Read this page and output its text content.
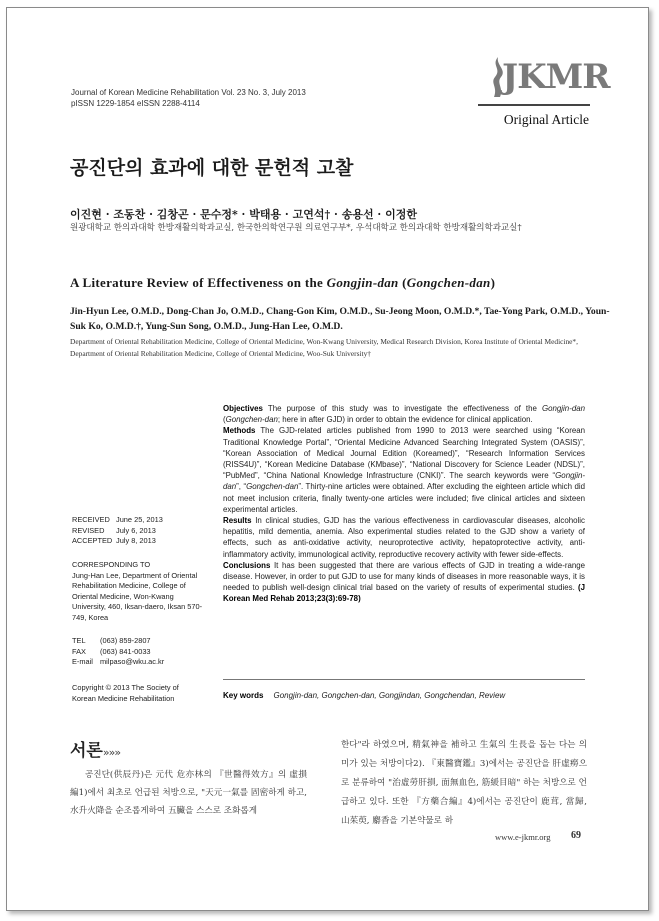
Journal of Korean Medicine Rehabilitation Vol. 23 No. 3, July 2013
pISSN 1229-1854 eISSN 2288-4114
JKMR
Original Article
공진단의 효과에 대한 문헌적 고찰
이진현 · 조동찬 · 김창곤 · 문수정* · 박태용 · 고연석† · 송용선 · 이정한
원광대학교 한의과대학 한방재활의학과교실, 한국한의학연구원 의료연구부*, 우석대학교 한의과대학 한방재활의학과교실†
A Literature Review of Effectiveness on the Gongjin-dan (Gongchen-dan)
Jin-Hyun Lee, O.M.D., Dong-Chan Jo, O.M.D., Chang-Gon Kim, O.M.D., Su-Jeong Moon, O.M.D.*, Tae-Yong Park, O.M.D., Youn-Suk Ko, O.M.D.†, Yung-Sun Song, O.M.D., Jung-Han Lee, O.M.D.
Department of Oriental Rehabilitation Medicine, College of Oriental Medicine, Won-Kwang University, Medical Research Division, Korea Institute of Oriental Medicine*, Department of Oriental Rehabilitation Medicine, College of Oriental Medicine, Woo-Suk University†

Objectives The purpose of this study was to investigate the effectiveness of the Gongjin-dan (Gongchen-dan; here in after GJD) in order to obtain the evidence for clinical application.

Methods The GJD-related articles published from 1990 to 2013 were searched using “Korean Traditional Knowledge Portal”, “Oriental Medicine Advanced Searching Integrated System (OASIS)”, “Korean Association of Medical Journal Edition (Koreamed)”, “Research Information Services (RISS4U)”, “Korean Medicine Database (KMbase)”, “National Discovery for Science Leader (NDSL)”, “PubMed”, “China National Knowledge Infrastructure (CNKI)”. The search keywords were “Gongjin-dan”, “Gongchen-dan”. Thirty-nine articles were obtained. After excluding the eighteen article which did not meet inclusion criteria, finally twenty-one articles were included; five clinical articles and sixteen experimental articles.

Results In clinical studies, GJD has the various effectiveness in cardiovascular diseases, alcoholic hepatitis, mild dementia, anemia. Also experimental studies related to the GJD show a variety of effects, such as anti-oxidative activity, neuroprotective activity, hepatoprotective activity, anti-inflammatory activity, immunological activity, reproductive recovery activity with fewer side-effects.

Conclusions It has been suggested that there are various effects of GJD in treating a wide-range disease. However, in order to put GJD to use for many kinds of diseases in more reasonable ways, it is needed to publish well-design clinical trial based on the variety of results of experimental studies. (J Korean Med Rehab 2013;23(3):69-78)

RECEIVED	June 25, 2013
REVISED	July 6, 2013
ACCEPTED	July 8, 2013
CORRESPONDING TO
Jung-Han Lee, Department of Oriental Rehabilitation Medicine, College of Oriental Medicine, Won-Kwang University, 460, Iksan-daero, Iksan 570-749, Korea
TEL	(063) 859-2807
FAX	(063) 841-0033
E-mail	milpaso@wku.ac.kr
Copyright © 2013 The Society of Korean Medicine Rehabilitation	Key words Gongjin-dan, Gongchen-dan, Gongjindan, Gongchendan, Review
서론»»»
공진단(供辰丹)은 元代 危亦林의 『世醫得效方』의 虛損編1)에서 최초로 언급된 처방으로, "天元一氣를 固密하게 하고, 水升火降을 순조롭게하여 五臟을 스스로 조화롭게
한다"라 하였으며, 精氣神을 補하고 生氣의 生長을 돕는 다는 의미가 있는 처방이다2). 『東醫寶鑑』3)에서는 공진단을 肝虛癆으로 분류하여 "治虛勞肝損, 面無血色, 筋緩目暗" 하는 처방으로 언급하고 있다. 또한 『方藥合編』4)에서는 공진단이 鹿茸, 當歸, 山茱萸, 麝香을 기본약물로 하
www.e-jkmr.org 69
